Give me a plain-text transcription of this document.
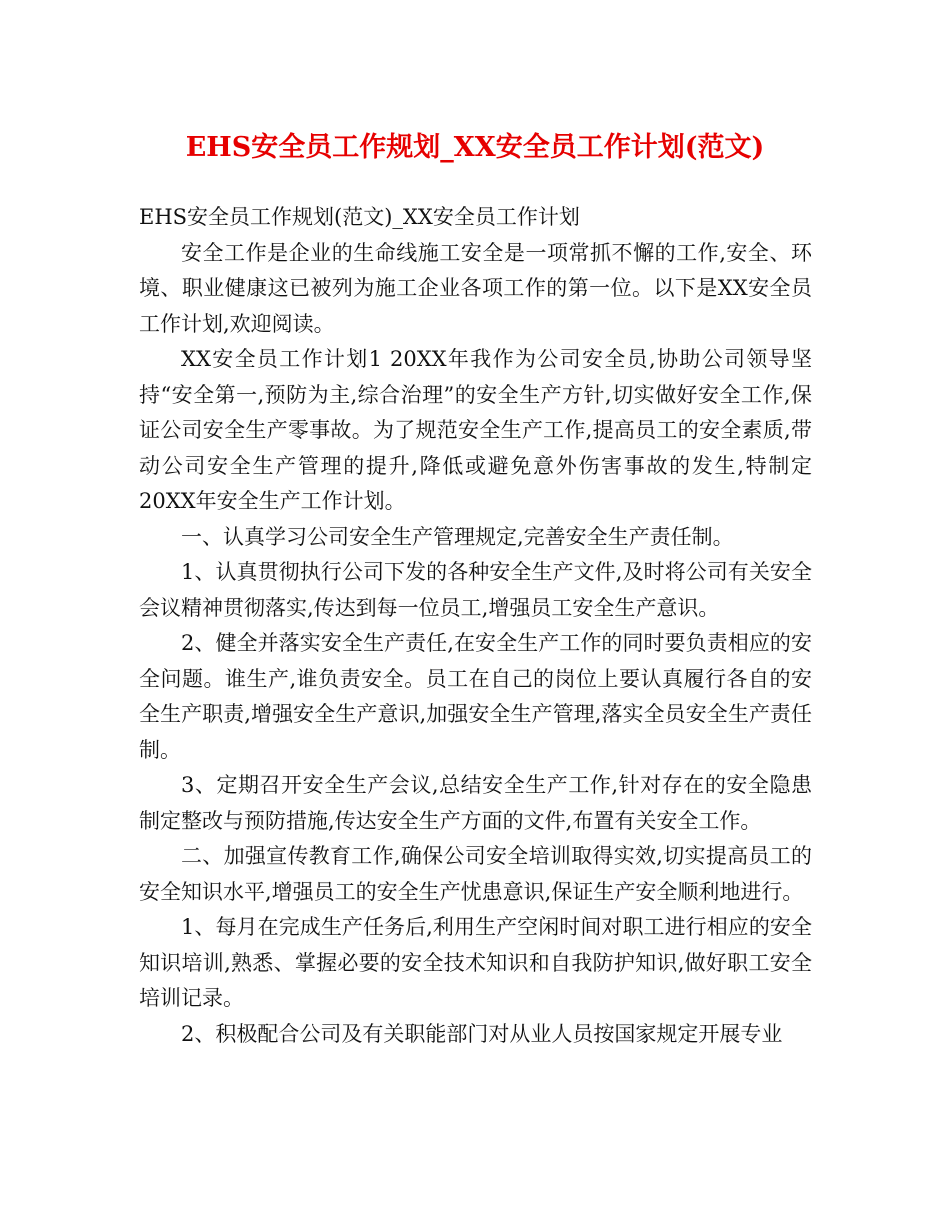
EHS安全员工作规划_XX安全员工作计划(范文)

EHS安全员工作规划(范文)_XX安全员工作计划

安全工作是企业的生命线施工安全是一项常抓不懈的工作,安全、环境、职业健康这已被列为施工企业各项工作的第一位。以下是XX安全员工作计划,欢迎阅读。

XX安全员工作计划1 20XX年我作为公司安全员,协助公司领导坚持“安全第一,预防为主,综合治理”的安全生产方针,切实做好安全工作,保证公司安全生产零事故。为了规范安全生产工作,提高员工的安全素质,带动公司安全生产管理的提升,降低或避免意外伤害事故的发生,特制定20XX年安全生产工作计划。

一、认真学习公司安全生产管理规定,完善安全生产责任制。

1、认真贯彻执行公司下发的各种安全生产文件,及时将公司有关安全会议精神贯彻落实,传达到每一位员工,增强员工安全生产意识。

2、健全并落实安全生产责任,在安全生产工作的同时要负责相应的安全问题。谁生产,谁负责安全。员工在自己的岗位上要认真履行各自的安全生产职责,增强安全生产意识,加强安全生产管理,落实全员安全生产责任制。

3、定期召开安全生产会议,总结安全生产工作,针对存在的安全隐患制定整改与预防措施,传达安全生产方面的文件,布置有关安全工作。

二、加强宣传教育工作,确保公司安全培训取得实效,切实提高员工的安全知识水平,增强员工的安全生产忧患意识,保证生产安全顺利地进行。

1、每月在完成生产任务后,利用生产空闲时间对职工进行相应的安全知识培训,熟悉、掌握必要的安全技术知识和自我防护知识,做好职工安全培训记录。

2、积极配合公司及有关职能部门对从业人员按国家规定开展专业
